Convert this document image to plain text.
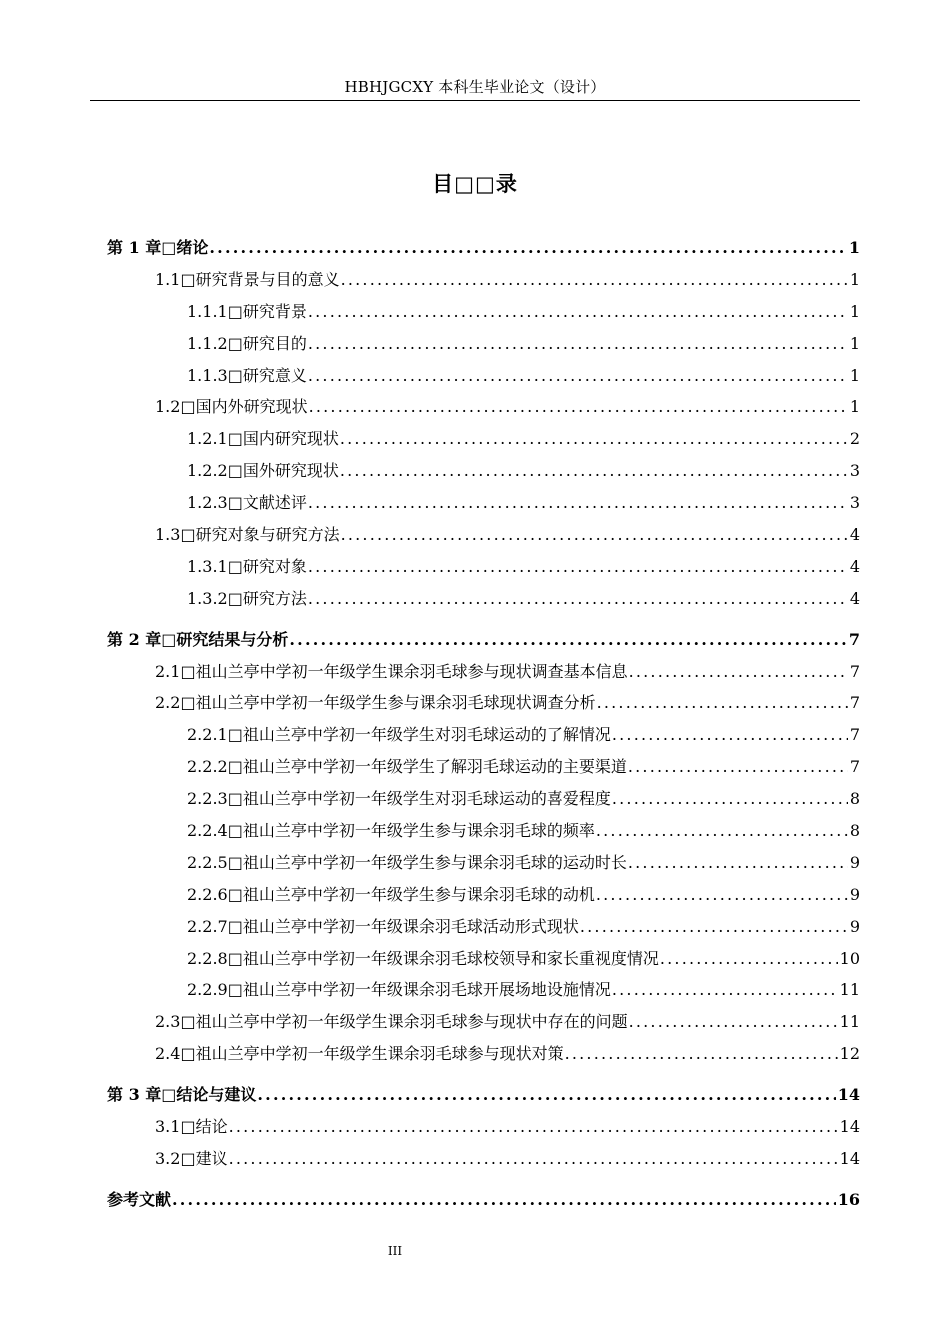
HBHJGCXY 本科生毕业论文（设计）
目□□录
第 1 章 □绪论 .....	1
1.1 □研究背景与目的意义 .....	1
1.1.1 □研究背景 .....	1
1.1.2 □研究目的 .....	1
1.1.3 □研究意义 .....	1
1.2 □国内外研究现状 .....	1
1.2.1 □国内研究现状 .....	2
1.2.2 □国外研究现状 .....	3
1.2.3 □文献述评 .....	3
1.3 □研究对象与研究方法 .....	4
1.3.1 □研究对象 .....	4
1.3.2 □研究方法 .....	4
第 2 章 □研究结果与分析 .....	7
2.1 □祖山兰亭中学初一年级学生课余羽毛球参与现状调查基本信息 .....	7
2.2 □祖山兰亭中学初一年级学生参与课余羽毛球现状调查分析 .....	7
2.2.1 □祖山兰亭中学初一年级学生对羽毛球运动的了解情况 .....	7
2.2.2 □祖山兰亭中学初一年级学生了解羽毛球运动的主要渠道 .....	7
2.2.3 □祖山兰亭中学初一年级学生对羽毛球运动的喜爱程度 .....	8
2.2.4 □祖山兰亭中学初一年级学生参与课余羽毛球的频率 .....	8
2.2.5 □祖山兰亭中学初一年级学生参与课余羽毛球的运动时长 .....	9
2.2.6 □祖山兰亭中学初一年级学生参与课余羽毛球的动机 .....	9
2.2.7 □祖山兰亭中学初一年级课余羽毛球活动形式现状 .....	9
2.2.8 □祖山兰亭中学初一年级课余羽毛球校领导和家长重视度情况 .....	10
2.2.9 □祖山兰亭中学初一年级课余羽毛球开展场地设施情况 .....	11
2.3 □祖山兰亭中学初一年级学生课余羽毛球参与现状中存在的问题 .....	11
2.4 □祖山兰亭中学初一年级学生课余羽毛球参与现状对策 .....	12
第 3 章 □结论与建议 .....	14
3.1 □结论 .....	14
3.2 □建议 .....	14
参考文献 .....	16
III
